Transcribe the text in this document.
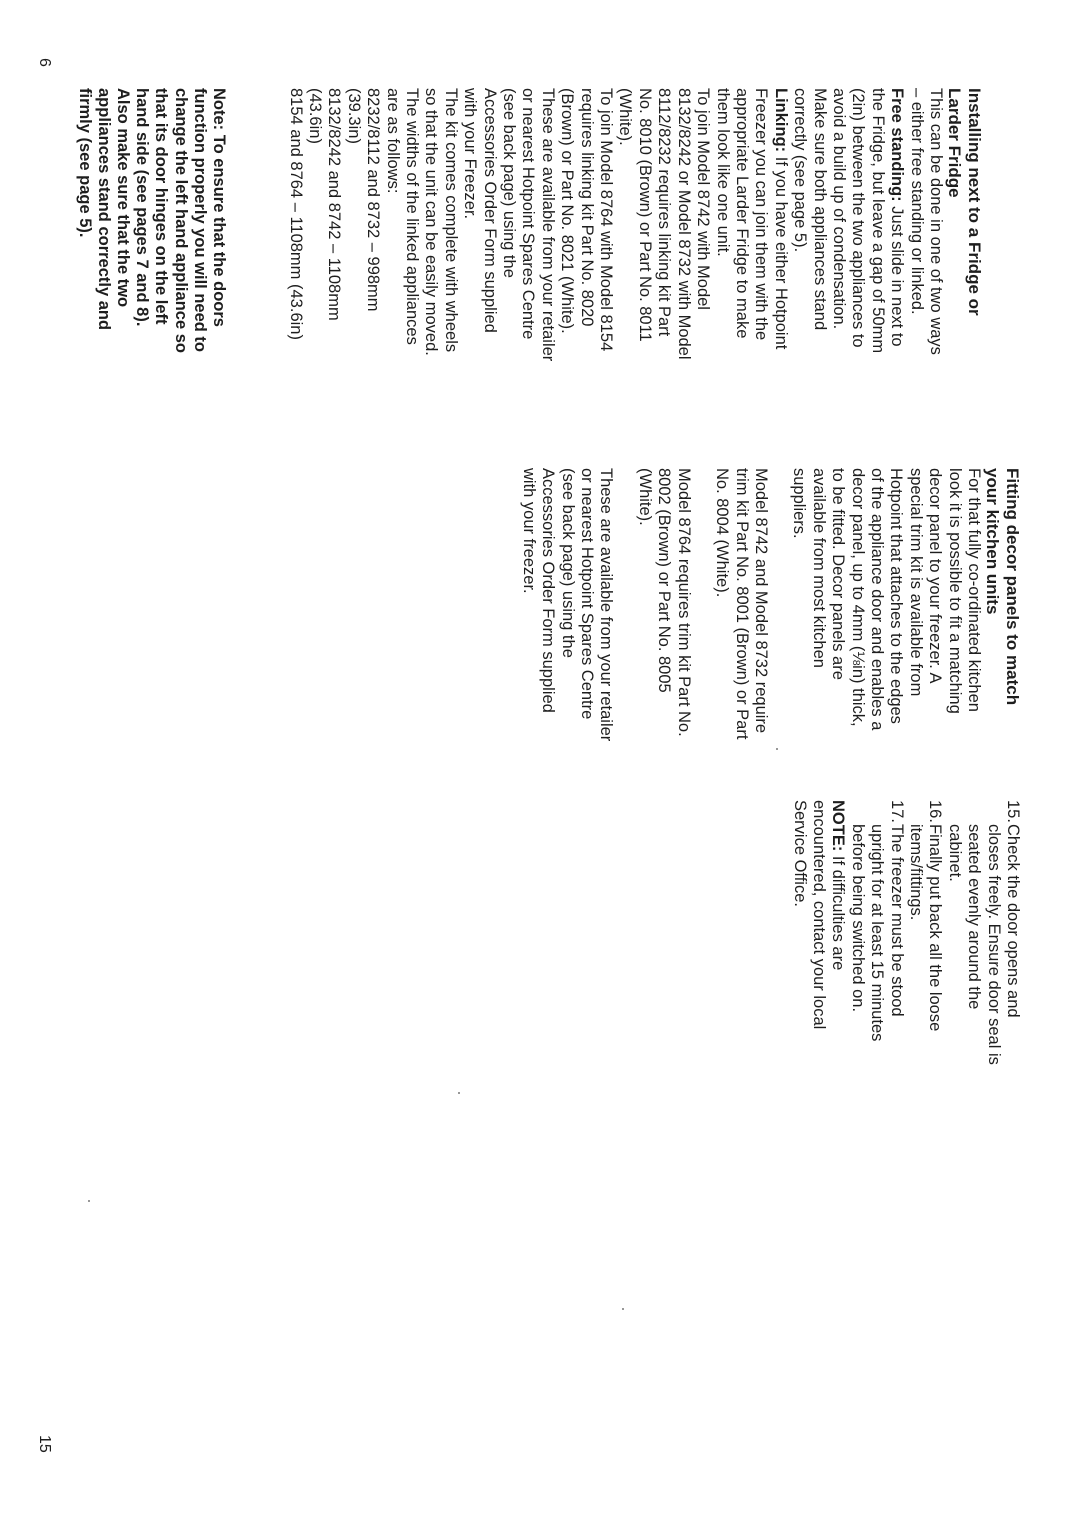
Installing next to a Fridge or

Larder Fridge

This can be done in one of two ways

– either free standing or linked.

Free standing: Just slide in next to

the Fridge, but leave a gap of 50mm

(2in) between the two appliances to

avoid a build up of condensation.

Make sure both appliances stand

correctly (see page 5).

Linking: If you have either Hotpoint

Freezer you can join them with the

appropriate Larder Fridge to make

them look like one unit.

To join Model 8742 with Model

8132/8242 or Model 8732 with Model

8112/8232 requires linking kit Part

No. 8010 (Brown) or Part No. 8011

(White).

To join Model 8764 with Model 8154

requires linking kit Part No. 8020

(Brown) or Part No. 8021 (White).

These are available from your retailer

or nearest Hotpoint Spares Centre

(see back page) using the

Accessories Order Form supplied

with your Freezer.

The kit comes complete with wheels

so that the unit can be easily moved.

The widths of the linked appliances

are as follows:

8232/8112 and 8732 – 998mm

(39.3in)

8132/8242 and 8742 – 1108mm

(43.6in)

8154 and 8764 – 1108mm (43.6in)

Note: To ensure that the doors

function properly you will need to

change the left hand appliance so

that its door hinges on the left

hand side (see pages 7 and 8).

Also make sure that the two

appliances stand correctly and

firmly (see page 5).

6

Fitting decor panels to match

your kitchen units

For that fully co-ordinated kitchen

look it is possible to fit a matching

decor panel to your freezer. A

special trim kit is available from

Hotpoint that attaches to the edges

of the appliance door and enables a

decor panel, up to 4mm (⅛in) thick,

to be fitted. Decor panels are

available from most kitchen

suppliers.

Model 8742 and Model 8732 require

trim kit Part No. 8001 (Brown) or Part

No. 8004 (White).

Model 8764 requires trim kit Part No.

8002 (Brown) or Part No. 8005

(White).

These are available from your retailer

or nearest Hotpoint Spares Centre

(see back page) using the

Accessories Order Form supplied

with your freezer.

15.

Check the door opens and

closes freely. Ensure door seal is

seated evenly around the

cabinet.

16.

Finally put back all the loose

items/fittings.

17.

The freezer must be stood

upright for at least 15 minutes

before being switched on.

NOTE: If difficulties are

encountered, contact your local

Service Office.

15
